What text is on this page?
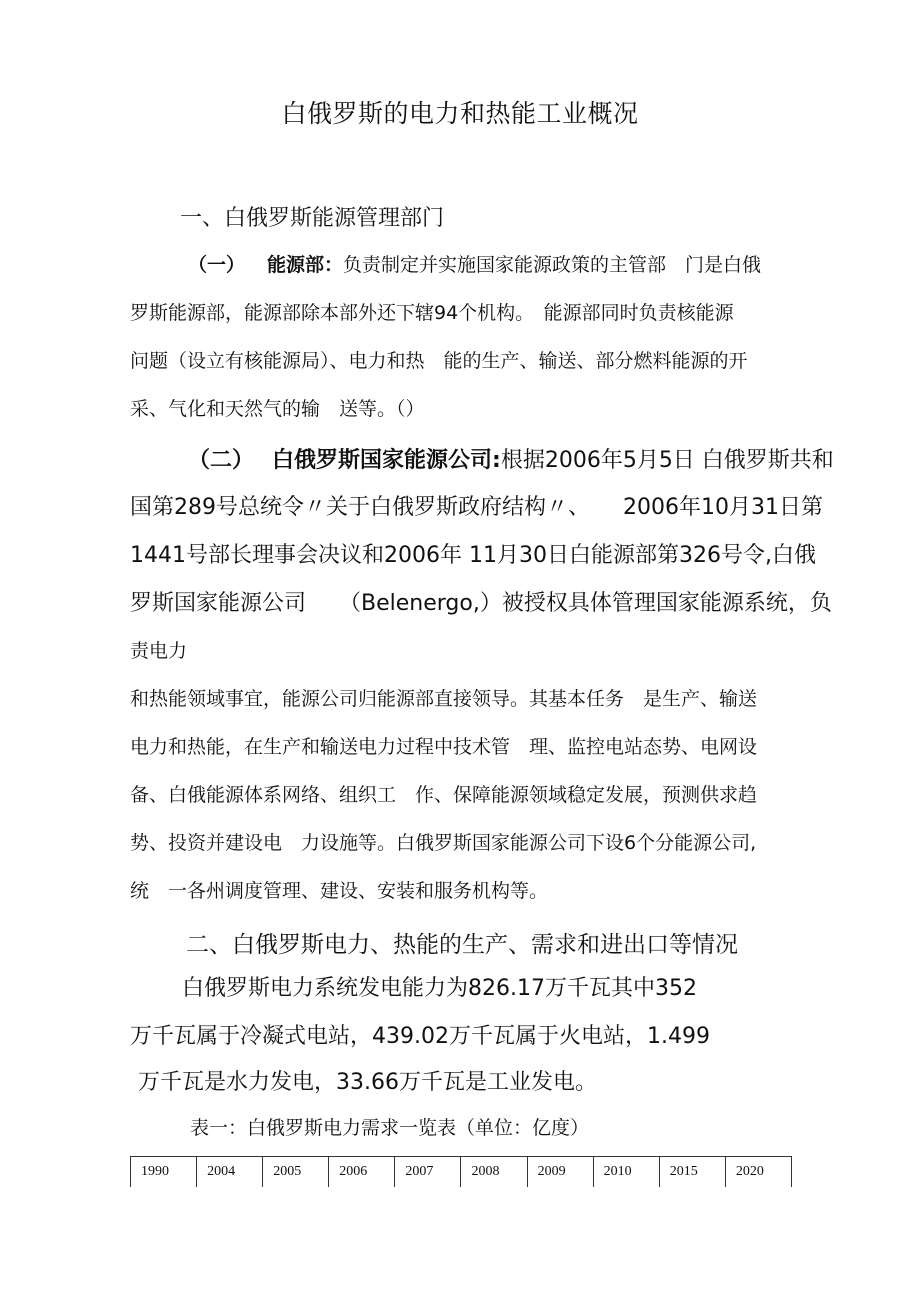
白俄罗斯的电力和热能工业概况
一、白俄罗斯能源管理部门
（一） 能源部：负责制定并实施国家能源政策的主管部　门是白俄
罗斯能源部，能源部除本部外还下辖94个机构。　能源部同时负责核能源
问题（设立有核能源局）、电力和热　能的生产、输送、部分燃料能源的开
采、气化和天然气的输　送等。（）
（二） 白俄罗斯国家能源公司:根据2006年5月5日 白俄罗斯共和
国第289号总统令〃关于白俄罗斯政府结构〃、　　2006年10月31日第
1441号部长理事会决议和2006年 11月30日白能源部第326号令,白俄
罗斯国家能源公司　　（Belenergo,）被授权具体管理国家能源系统，负
责电力
和热能领域事宜，能源公司归能源部直接领导。其基本任务　是生产、输送
电力和热能，在生产和输送电力过程中技术管　理、监控电站态势、电网设
备、白俄能源体系网络、组织工　作、保障能源领域稳定发展，预测供求趋
势、投资并建设电　力设施等。白俄罗斯国家能源公司下设6个分能源公司,
统　一各州调度管理、建设、安装和服务机构等。
二、白俄罗斯电力、热能的生产、需求和进出口等情况
白俄罗斯电力系统发电能力为826.17万千瓦其中352
万千瓦属于冷凝式电站，439.02万千瓦属于火电站，1.499
万千瓦是水力发电，33.66万千瓦是工业发电。
表一：白俄罗斯电力需求一览表（单位：亿度）
1990	2004	2005	2006	2007	2008	2009	2010	2015	2020
